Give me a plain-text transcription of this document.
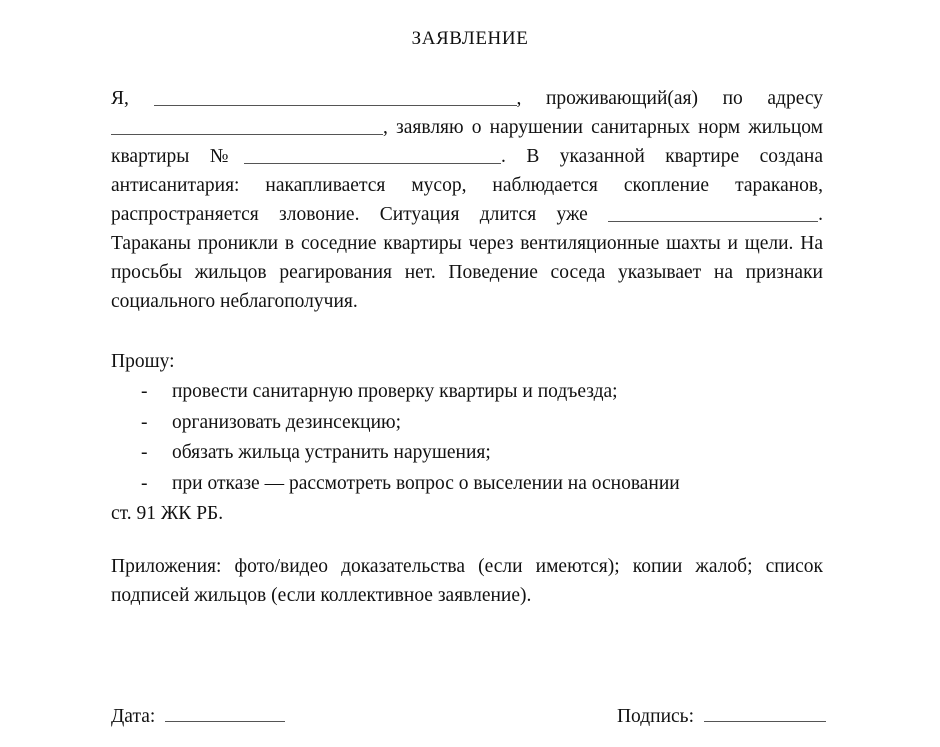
ЗАЯВЛЕНИЕ

Я,	, проживающий(ая) по адресу , заявляю о нарушении санитарных норм жильцом квартиры №	. В указанной квартире создана антисанитария: накапливается мусор, наблюдается скопление тараканов, распространяется зловоние. Ситуация длится уже	. Тараканы проникли в соседние квартиры через вентиляционные шахты и щели. На просьбы жильцов реагирования нет. Поведение соседа указывает на признаки социального неблагополучия.

Прошу:
- провести санитарную проверку квартиры и подъезда;
- организовать дезинсекцию;
- обязать жильца устранить нарушения;
- при отказе — рассмотреть вопрос о выселении на основании
ст. 91 ЖК РБ.

Приложения: фото/видео доказательства (если имеются); копии жалоб; список подписей жильцов (если коллективное заявление).

Дата:	Подпись:
